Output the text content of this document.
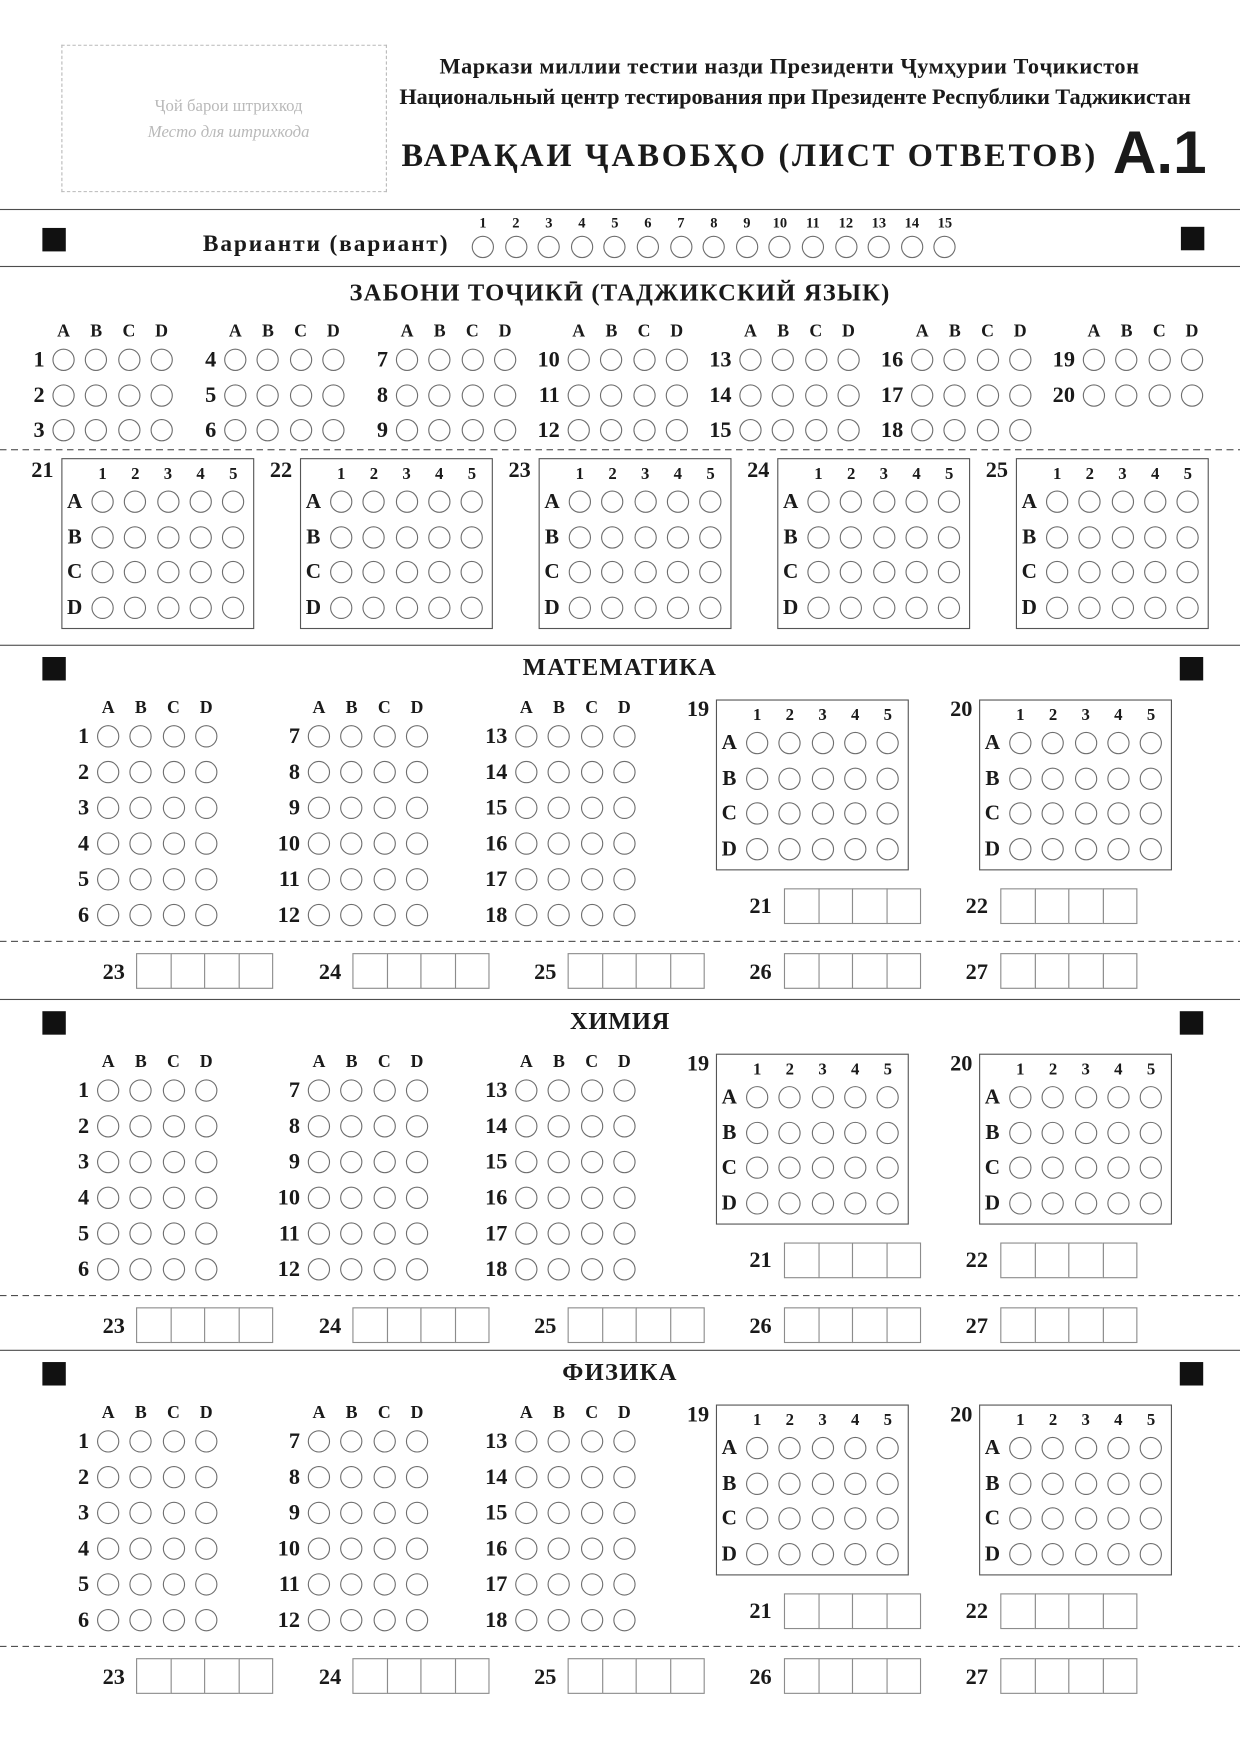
Ҷой барои штрихкод
Место для штрихкода
Маркази миллии тестии назди Президенти Ҷумҳурии Тоҷикистон
Национальный центр тестирования при Президенте Республики Таджикистан
ВАРАҚАИ ҶАВОБҲО (ЛИСТ ОТВЕТОВ) A.1
Варианти (вариант)
1 2 3 4 5 6 7 8 9 10 11 12 13 14 15
ЗАБОНИ ТОҶИКӢ (ТАДЖИКСКИЙ ЯЗЫК)
A B C D
1
2
3
A B C D
4
5
6
A B C D
7
8
9
A B C D
10
11
12
A B C D
13
14
15
A B C D
16
17
18
A B C D
19
20
21	1 2 3 4 5
A
B
C
D
22	1 2 3 4 5
A
B
C
D
23	1 2 3 4 5
A
B
C
D
24	1 2 3 4 5
A
B
C
D
25	1 2 3 4 5
A
B
C
D
МАТЕМАТИКА
A B C D
1
2
3
4
5
6
A B C D
7
8
9
10
11
12
A B C D
13
14
15
16
17
18
19	1 2 3 4 5
A
B
C
D
20	1 2 3 4 5
A
B
C
D
21	22
23	24	25	26	27
ХИМИЯ
A B C D
1
2
3
4
5
6
A B C D
7
8
9
10
11
12
A B C D
13
14
15
16
17
18
19	1 2 3 4 5
A
B
C
D
20	1 2 3 4 5
A
B
C
D
21	22
23	24	25	26	27
ФИЗИКА
A B C D
1
2
3
4
5
6
A B C D
7
8
9
10
11
12
A B C D
13
14
15
16
17
18
19	1 2 3 4 5
A
B
C
D
20	1 2 3 4 5
A
B
C
D
21	22
23	24	25	26	27
